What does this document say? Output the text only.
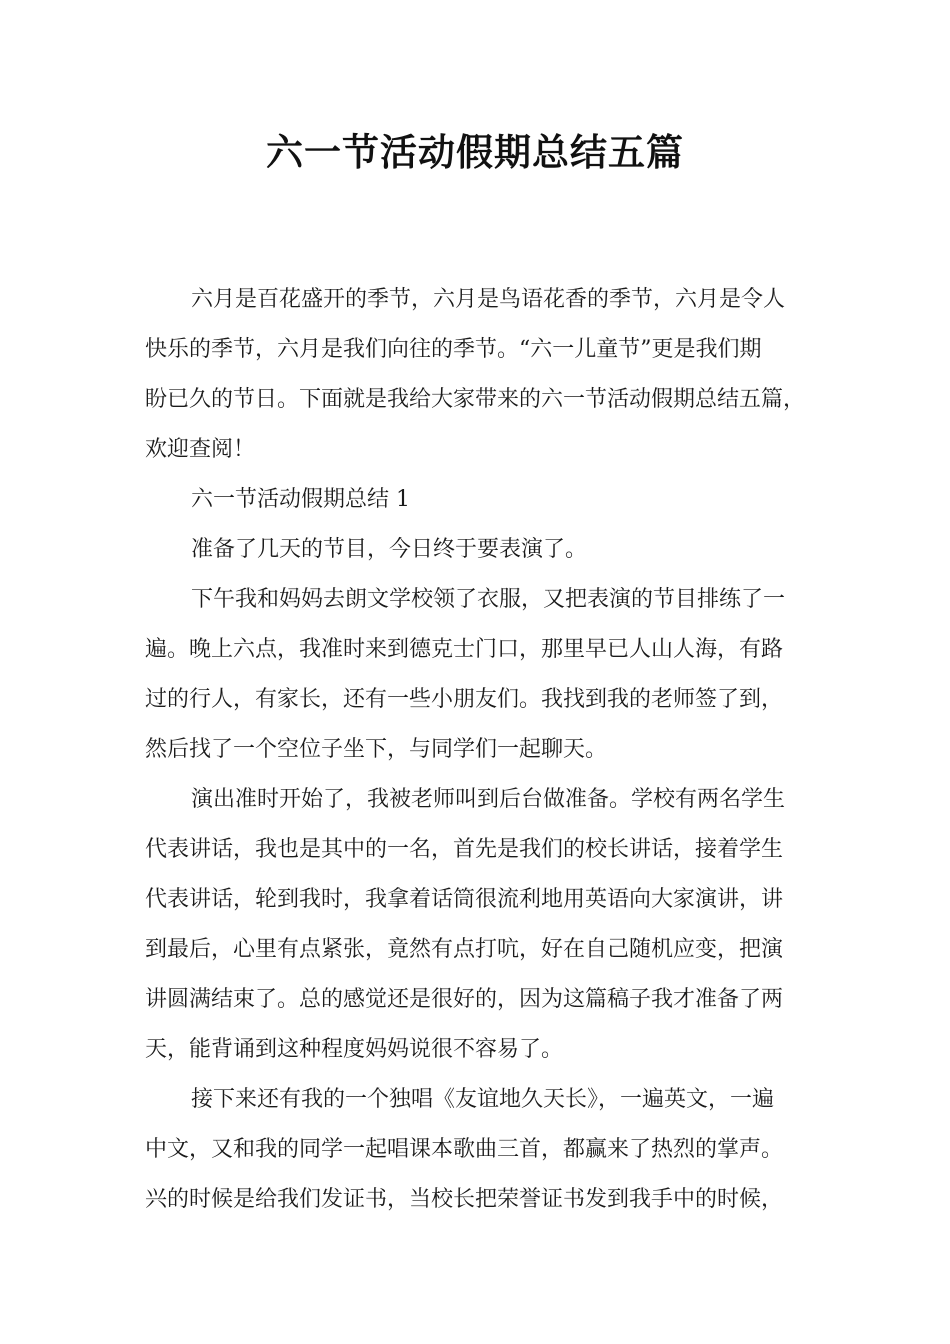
六一节活动假期总结五篇

六月是百花盛开的季节，六月是鸟语花香的季节，六月是令人

快乐的季节，六月是我们向往的季节。“六一儿童节”更是我们期

盼已久的节日。下面就是我给大家带来的六一节活动假期总结五篇，

欢迎查阅！

六一节活动假期总结 1

准备了几天的节目，今日终于要表演了。

下午我和妈妈去朗文学校领了衣服，又把表演的节目排练了一

遍。晚上六点，我准时来到德克士门口，那里早已人山人海，有路

过的行人，有家长，还有一些小朋友们。我找到我的老师签了到，

然后找了一个空位子坐下，与同学们一起聊天。

演出准时开始了，我被老师叫到后台做准备。学校有两名学生

代表讲话，我也是其中的一名，首先是我们的校长讲话，接着学生

代表讲话，轮到我时，我拿着话筒很流利地用英语向大家演讲，讲

到最后，心里有点紧张，竟然有点打吭，好在自己随机应变，把演

讲圆满结束了。总的感觉还是很好的，因为这篇稿子我才准备了两

天，能背诵到这种程度妈妈说很不容易了。

接下来还有我的一个独唱《友谊地久天长》，一遍英文，一遍

中文，又和我的同学一起唱课本歌曲三首，都赢来了热烈的掌声。

兴的时候是给我们发证书，当校长把荣誉证书发到我手中的时候，
